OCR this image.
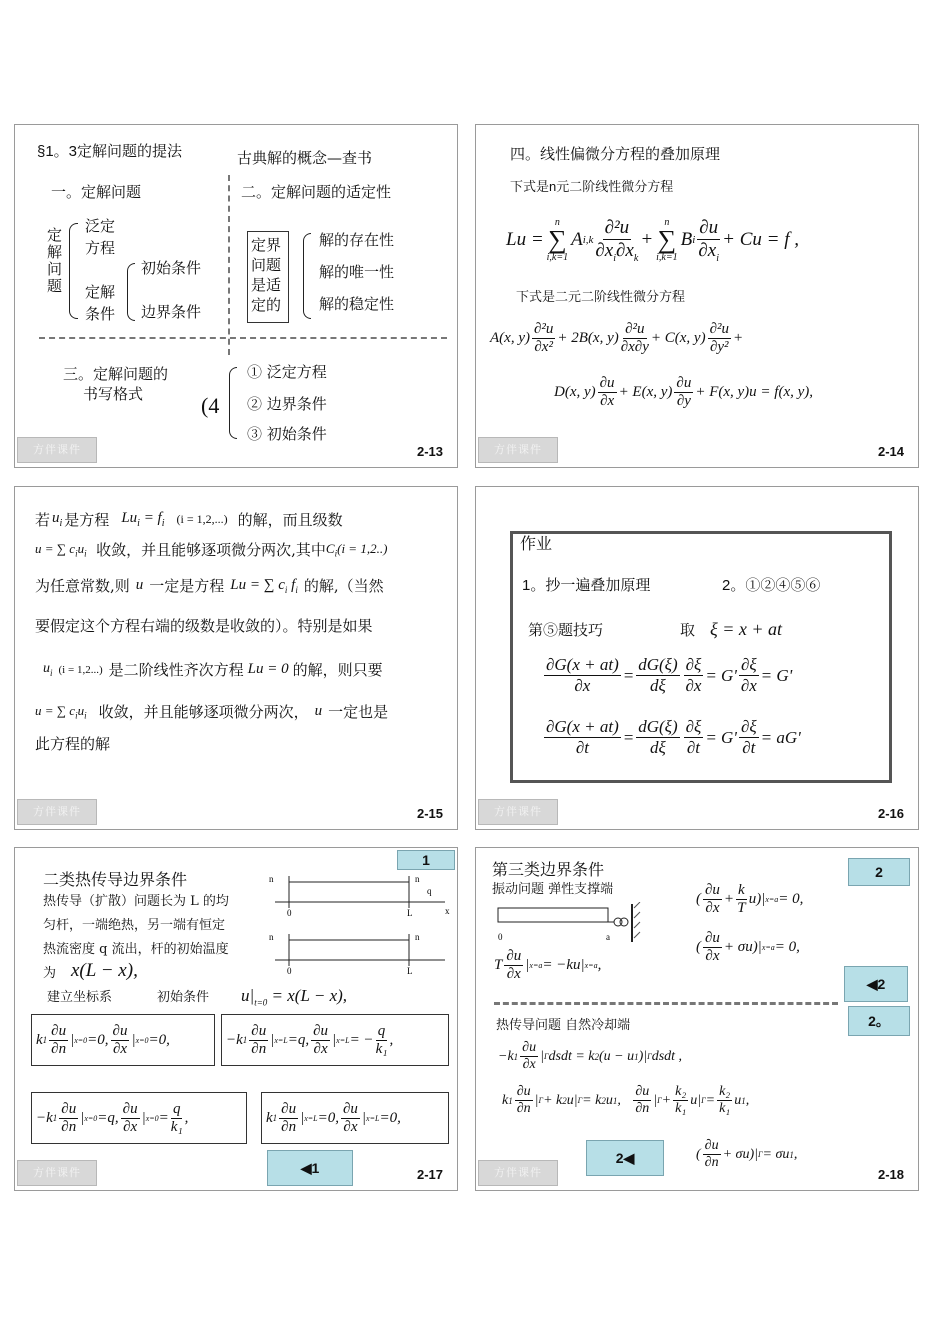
§1。3定解问题的提法	古典解的概念—查书
一。定解问题	二。定解问题的适定性
定解问题
泛定
方程
定解
条件
初始条件
边界条件
定界问题是适定的
解的存在性
解的唯一性
解的稳定性
三。定解问题的
书写格式	(4
① 泛定方程
② 边界条件
③ 初始条件
方伴课件	2-13
四。线性偏微分方程的叠加原理
下式是n元二阶线性微分方程
Lu =
n
∑
i,k=1
A $i,k \frac{\text{∂²u}}{\partial x_i\partial x_k}$ +
n
∑
i,k=1
B i $\frac{\partial u}{\partial x_i} + Cu = f$ ,
下式是二元二阶线性微分方程
A(x, $y) \frac{\text{∂²u}}{\text{∂x²}} + 2B(x$, $y) \frac{\text{∂²u}}{\partial x\partial y} + C(x$, $y) \frac{\text{∂²u}}{\text{∂y²}}$ +
D(x, $y) \frac{\partial u}{\partial x} + E(x$, $y) \frac{\partial u}{\partial y} + F(x$, y)u = f(x, y),
方伴课件	2-14
若 $u_i$ 是方程 $Lu_i = f_i$ (i = 1,2,...) 的解，而且级数
u = ∑ $c_iu_i$
收敛，并且能够逐项微分两次,其中 $C_i(i = 1,2..)$
为任意常数,则 u 一定是方程 Lu = ∑ $c_i$ $f_i$ 的解,（当然
要假定这个方程右端的级数是收敛的）。特别是如果
$u_i$ (i = 1,2...) 是二阶线性齐次方程 Lu = 0 的解，则只要
u = ∑ $c_iu_i$ 收敛，并且能够逐项微分两次， u 一定也是
此方程的解
方伴课件	2-15
作业
1。抄一遍叠加原理	2。①②④⑤⑥
第⑤题技巧	取 ξ = x + at
$\frac{\partial G(x + at)}{\partial x} = \frac{dG(\xi)}{d\xi} \frac{\partial\xi}{\partial x} = G' \frac{\partial\xi}{\partial x} = G'$
$\frac{\partial G(x + at)}{\partial t} = \frac{dG(\xi)}{d\xi} \frac{\partial\xi}{\partial t} = G' \frac{\partial\xi}{\partial t} = aG'$
方伴课件	2-16
1
二类热传导边界条件
热传导（扩散）问题长为 L 的均
匀杆，一端绝热，另一端有恒定
热流密度 q 流出，杆的初始温度
为 x(L − x),
n	n
q
0	L	x
n	n
0	L
建立坐标系	初始条件 $u|_{t=0} = x(L - x)$,
k $1 \frac{\partial u}{\partial n}$ | x=0 =0, $\frac{\partial u}{\partial x}$ | x=0 =0,	−k $1 \frac{\partial u}{\partial n}$ | x=L =q, $\frac{\partial u}{\partial x}$ | x=L = − $\frac{q}{\text{k₁}}$ ,
−k $1 \frac{\partial u}{\partial n}$ | x=0 =q, $\frac{\partial u}{\partial x}$ | $x=0 = \frac{q}{\text{k₁}}$ ,	k $1 \frac{\partial u}{\partial n}$ | x=L =0, $\frac{\partial u}{\partial x}$ | x=L =0,
◀1
方伴课件	2-17
第三类边界条件
振动问题 弹性支撑端
2
0	a
( $\frac{\partial u}{\partial x} + \frac{k}{T} u)|$ x=a = 0,
( $\frac{\partial u}{\partial x} + \sigma u)|$ x=a = 0,
T $\frac{\partial u}{\partial x}$ | x=a = −ku| x=a ,
◀2
2。
热传导问题 自然冷却端
−k $1 \frac{\partial u}{\partial x}$ | Γ dsdt = k 2 (u − u 1 )| Γ dsdt ,
k $1 \frac{\partial u}{\partial n}$ | Γ + k 2 u| Γ = k 2 u 1 , $\frac{\partial u}{\partial n}$ | $\Gamma + \frac{\text{k₂}}{\text{k₁}} u|$ $\Gamma = \frac{\text{k₂}}{\text{k₁}}$ u 1 ,
2◀	( $\frac{\partial u}{\partial n} + \sigma u)|$ Γ = σu 1 ,
方伴课件	2-18
